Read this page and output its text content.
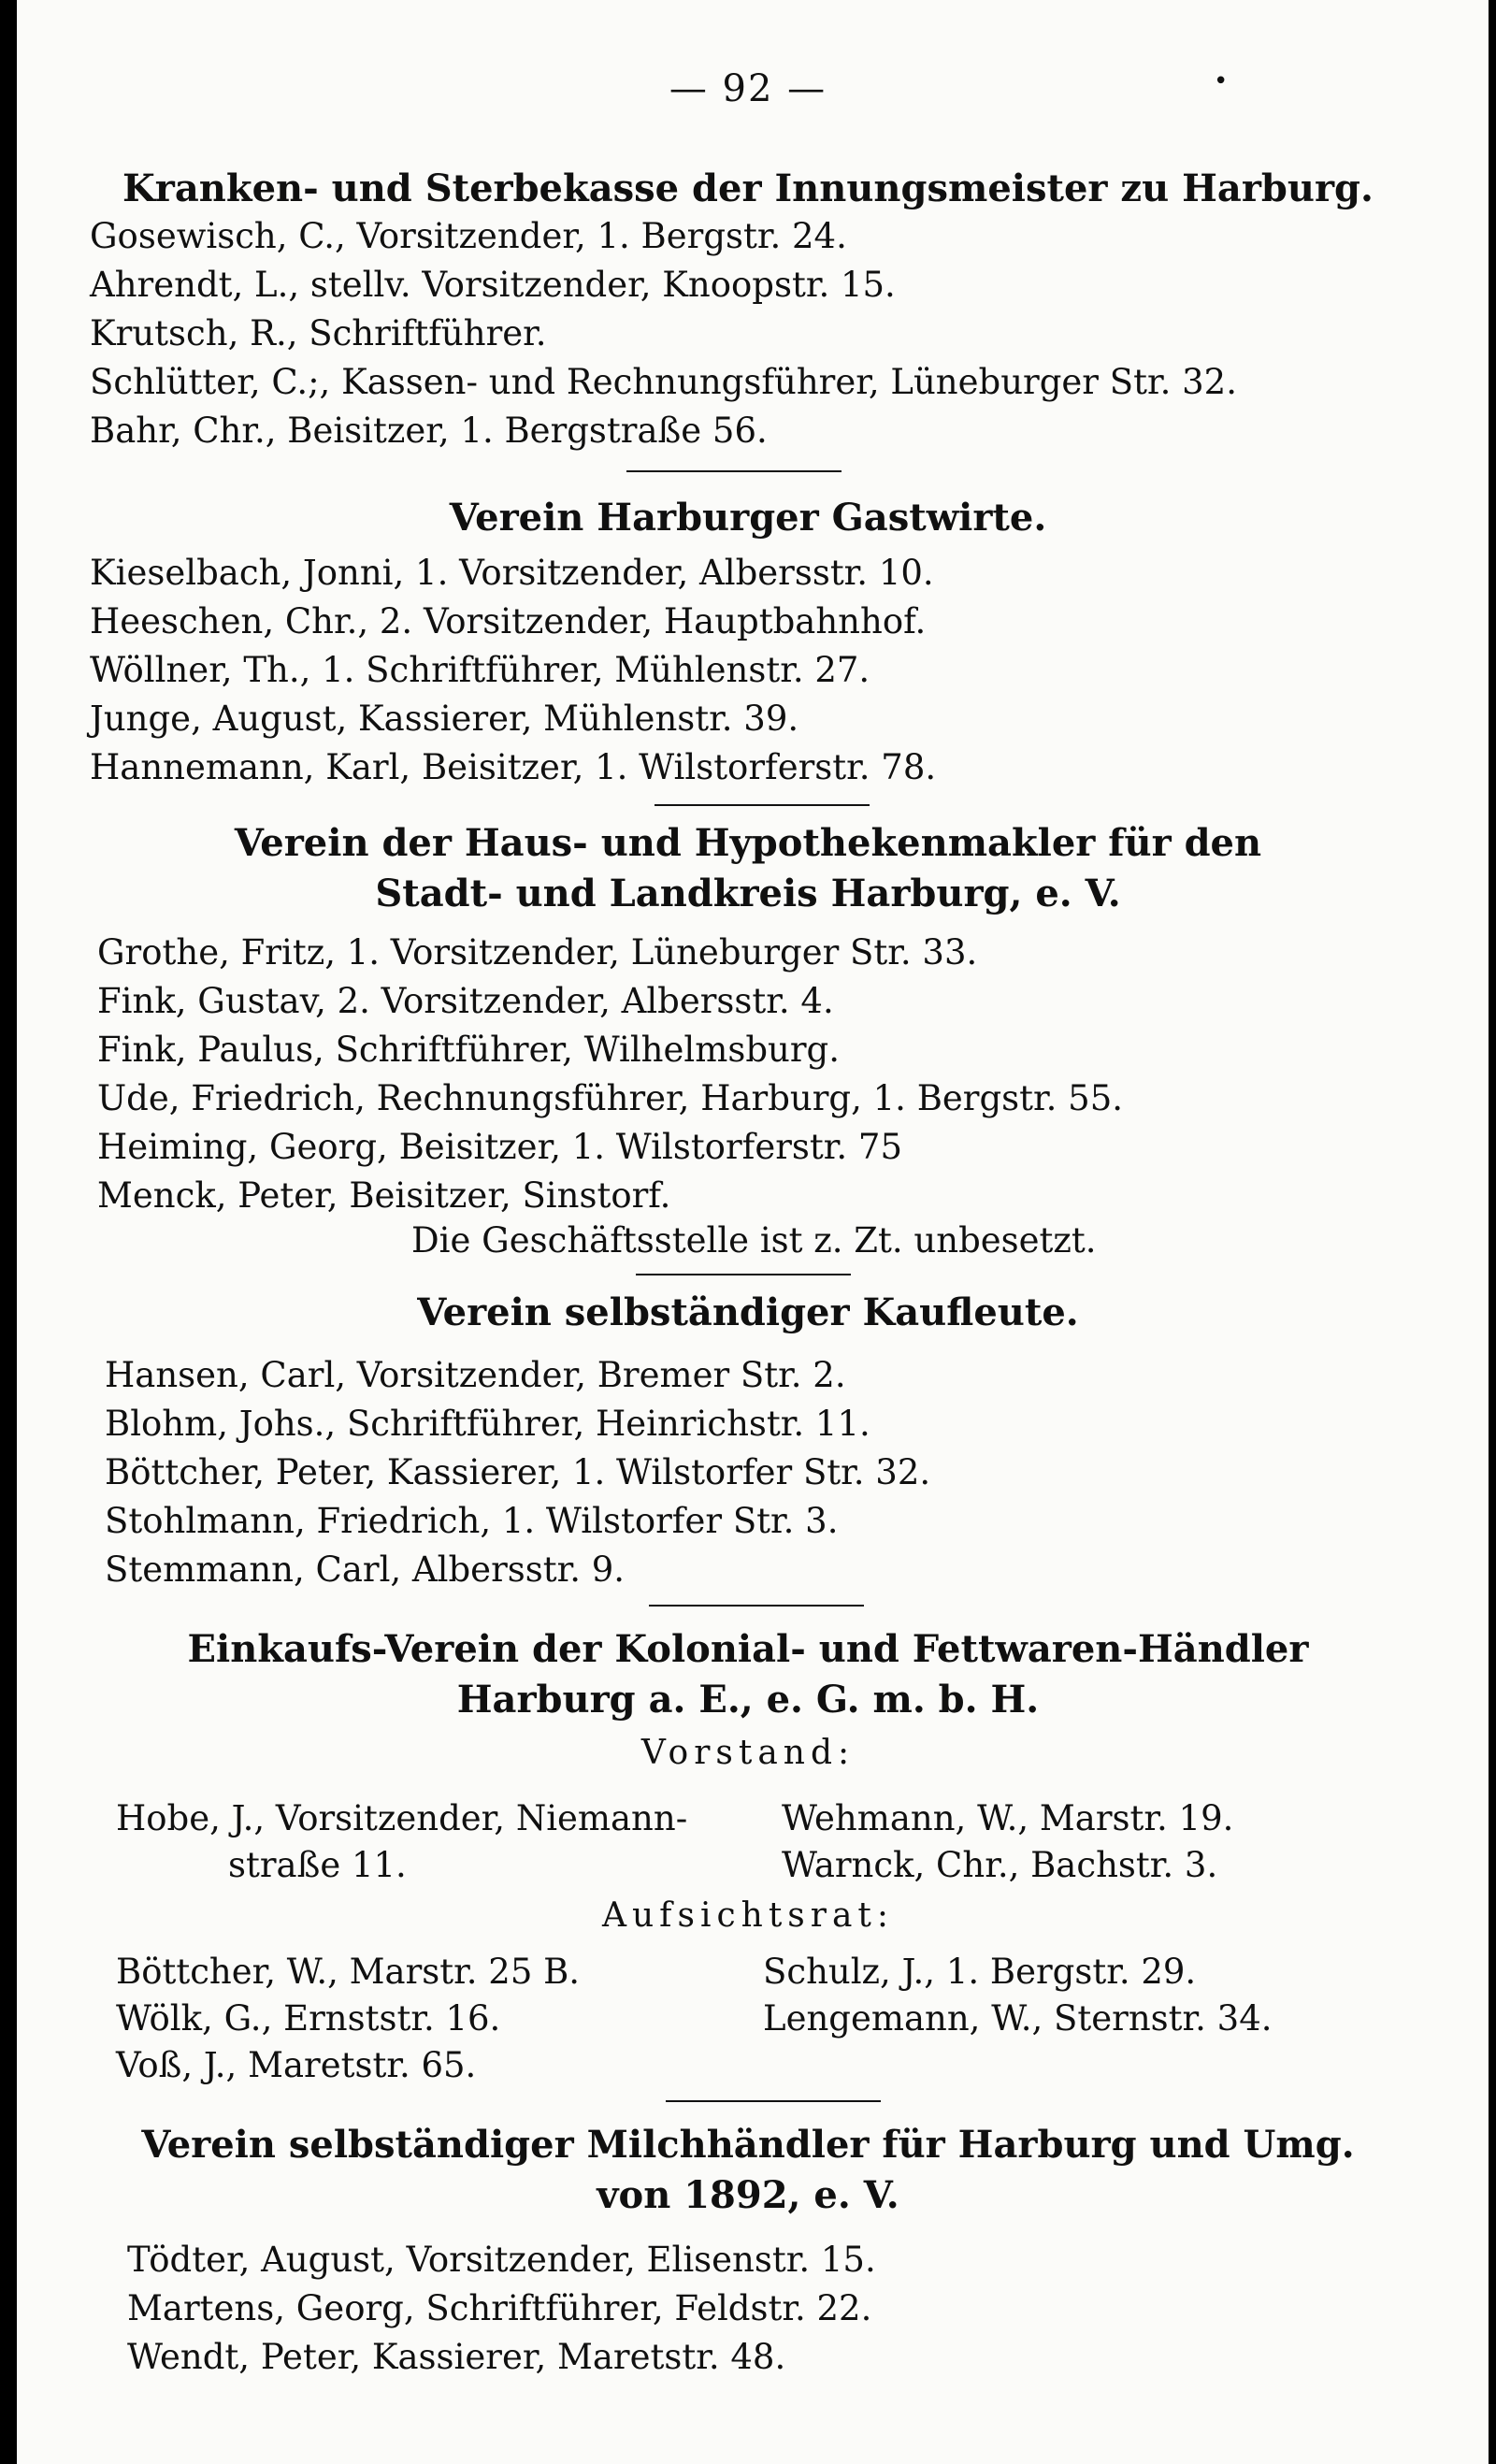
— 92 —	•
Kranken- und Sterbekasse der Innungsmeister zu Harburg.
Gosewisch, C., Vorsitzender, 1. Bergstr. 24.
Ahrendt, L., stellv. Vorsitzender, Knoopstr. 15.
Krutsch, R., Schriftführer.
Schlütter, C.;, Kassen- und Rechnungsführer, Lüneburger Str. 32.
Bahr, Chr., Beisitzer, 1. Bergstraße 56.
Verein Harburger Gastwirte.
Kieselbach, Jonni, 1. Vorsitzender, Albersstr. 10.
Heeschen, Chr., 2. Vorsitzender, Hauptbahnhof.
Wöllner, Th., 1. Schriftführer, Mühlenstr. 27.
Junge, August, Kassierer, Mühlenstr. 39.
Hannemann, Karl, Beisitzer, 1. Wilstorferstr. 78.
Verein der Haus- und Hypothekenmakler für den
Stadt- und Landkreis Harburg, e. V.
Grothe, Fritz, 1. Vorsitzender, Lüneburger Str. 33.
Fink, Gustav, 2. Vorsitzender, Albersstr. 4.
Fink, Paulus, Schriftführer, Wilhelmsburg.
Ude, Friedrich, Rechnungsführer, Harburg, 1. Bergstr. 55.
Heiming, Georg, Beisitzer, 1. Wilstorferstr. 75
Menck, Peter, Beisitzer, Sinstorf.
Die Geschäftsstelle ist z. Zt. unbesetzt.
Verein selbständiger Kaufleute.
Hansen, Carl, Vorsitzender, Bremer Str. 2.
Blohm, Johs., Schriftführer, Heinrichstr. 11.
Böttcher, Peter, Kassierer, 1. Wilstorfer Str. 32.
Stohlmann, Friedrich, 1. Wilstorfer Str. 3.
Stemmann, Carl, Albersstr. 9.
Einkaufs-Verein der Kolonial- und Fettwaren-Händler
Harburg a. E., e. G. m. b. H.
Vorstand:
Hobe, J., Vorsitzender, Niemann-
straße 11.
Wehmann, W., Marstr. 19.
Warnck, Chr., Bachstr. 3.
Aufsichtsrat:
Böttcher, W., Marstr. 25 B.
Wölk, G., Ernststr. 16.
Voß, J., Maretstr. 65.
Schulz, J., 1. Bergstr. 29.
Lengemann, W., Sternstr. 34.
Verein selbständiger Milchhändler für Harburg und Umg.
von 1892, e. V.
Tödter, August, Vorsitzender, Elisenstr. 15.
Martens, Georg, Schriftführer, Feldstr. 22.
Wendt, Peter, Kassierer, Maretstr. 48.
